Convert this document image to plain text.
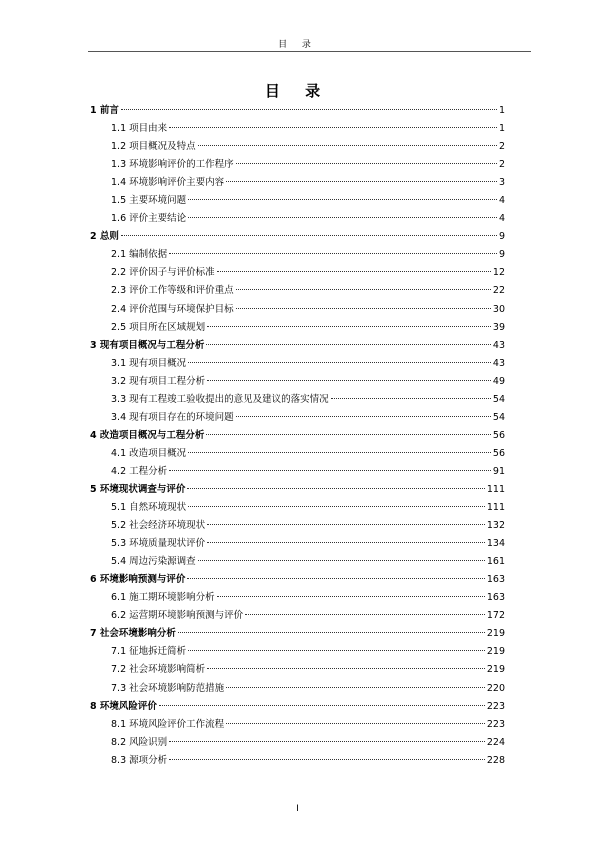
目 录
目 录
1 前言	1
1.1 项目由来	1
1.2 项目概况及特点	2
1.3 环境影响评价的工作程序	2
1.4 环境影响评价主要内容	3
1.5 主要环境问题	4
1.6 评价主要结论	4
2 总则	9
2.1 编制依据	9
2.2 评价因子与评价标准	12
2.3 评价工作等级和评价重点	22
2.4 评价范围与环境保护目标	30
2.5 项目所在区域规划	39
3 现有项目概况与工程分析	43
3.1 现有项目概况	43
3.2 现有项目工程分析	49
3.3 现有工程竣工验收提出的意见及建议的落实情况	54
3.4 现有项目存在的环境问题	54
4 改造项目概况与工程分析	56
4.1 改造项目概况	56
4.2 工程分析	91
5 环境现状调查与评价	111
5.1 自然环境现状	111
5.2 社会经济环境现状	132
5.3 环境质量现状评价	134
5.4 周边污染源调查	161
6 环境影响预测与评价	163
6.1 施工期环境影响分析	163
6.2 运营期环境影响预测与评价	172
7 社会环境影响分析	219
7.1 征地拆迁简析	219
7.2 社会环境影响简析	219
7.3 社会环境影响防范措施	220
8 环境风险评价	223
8.1 环境风险评价工作流程	223
8.2 风险识别	224
8.3 源项分析	228
I
